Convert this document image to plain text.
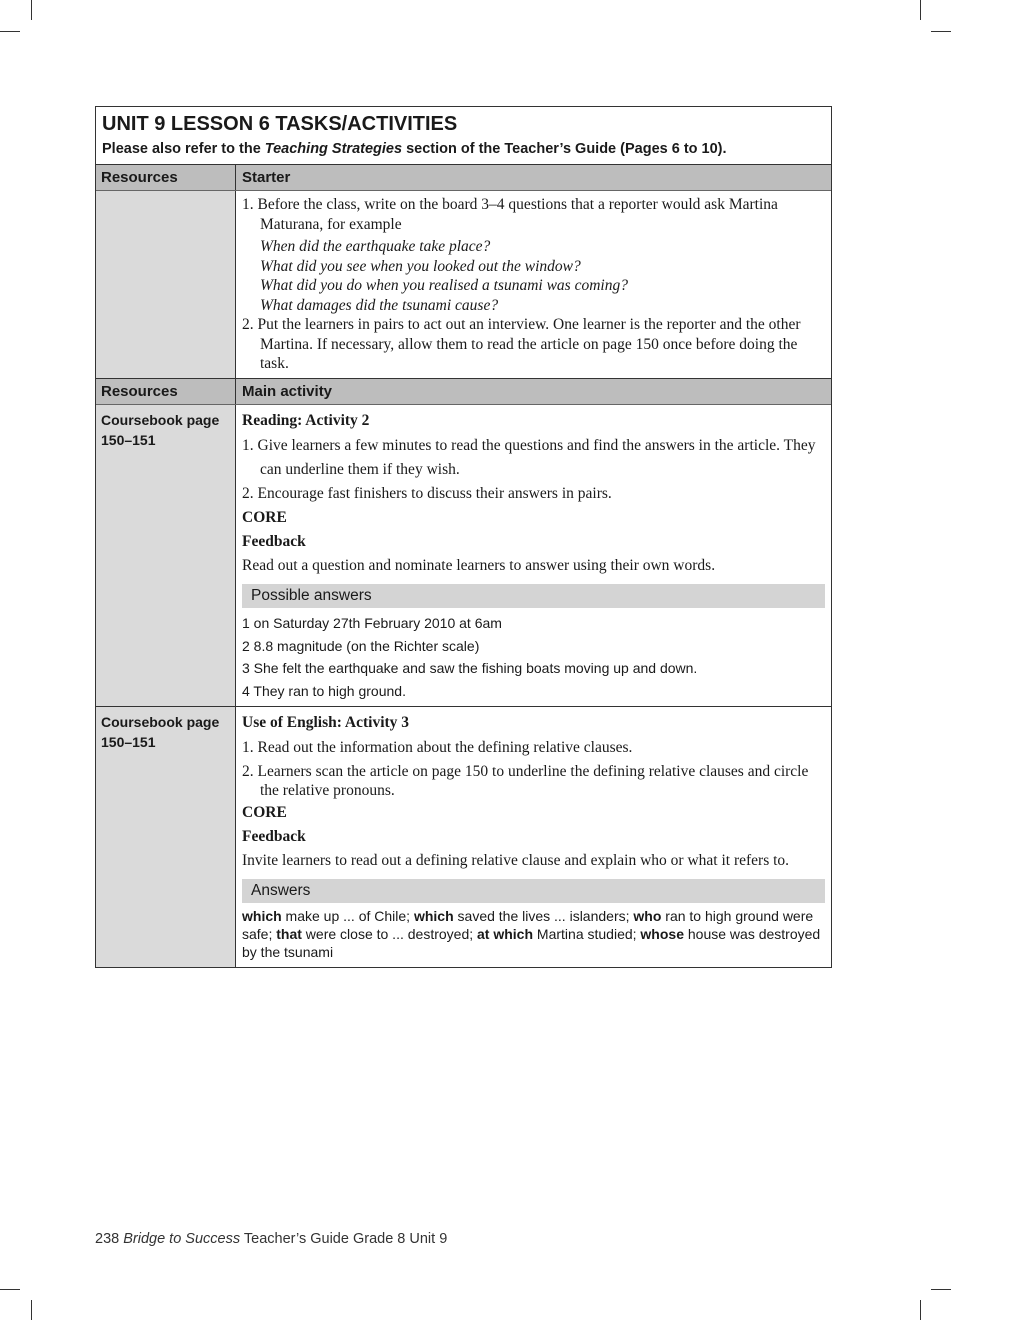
UNIT 9 LESSON 6 TASKS/ACTIVITIES
Please also refer to the Teaching Strategies section of the Teacher’s Guide (Pages 6 to 10).
Resources	Starter

1. Before the class, write on the board 3–4 questions that a reporter would ask Martina Maturana, for example

When did the earthquake take place?
What did you see when you looked out the window?
What did you do when you realised a tsunami was coming?
What damages did the tsunami cause?

2. Put the learners in pairs to act out an interview. One learner is the reporter and the other Martina. If necessary, allow them to read the article on page 150 once before doing the task.

Resources	Main activity
Coursebook page 150–151

Reading: Activity 2

1. Give learners a few minutes to read the questions and find the answers in the article. They can underline them if they wish.

2. Encourage fast finishers to discuss their answers in pairs.

CORE

Feedback

Read out a question and nominate learners to answer using their own words.

Possible answers

1 on Saturday 27th February 2010 at 6am

2 8.8 magnitude (on the Richter scale)

3 She felt the earthquake and saw the fishing boats moving up and down.

4 They ran to high ground.

Coursebook page 150–151

Use of English: Activity 3

1. Read out the information about the defining relative clauses.

2. Learners scan the article on page 150 to underline the defining relative clauses and circle the relative pronouns.

CORE

Feedback

Invite learners to read out a defining relative clause and explain who or what it refers to.

Answers

which make up ... of Chile; which saved the lives ... islanders; who ran to high ground were safe; that were close to ... destroyed; at which Martina studied; whose house was destroyed by the tsunami

238 Bridge to Success Teacher’s Guide Grade 8 Unit 9
